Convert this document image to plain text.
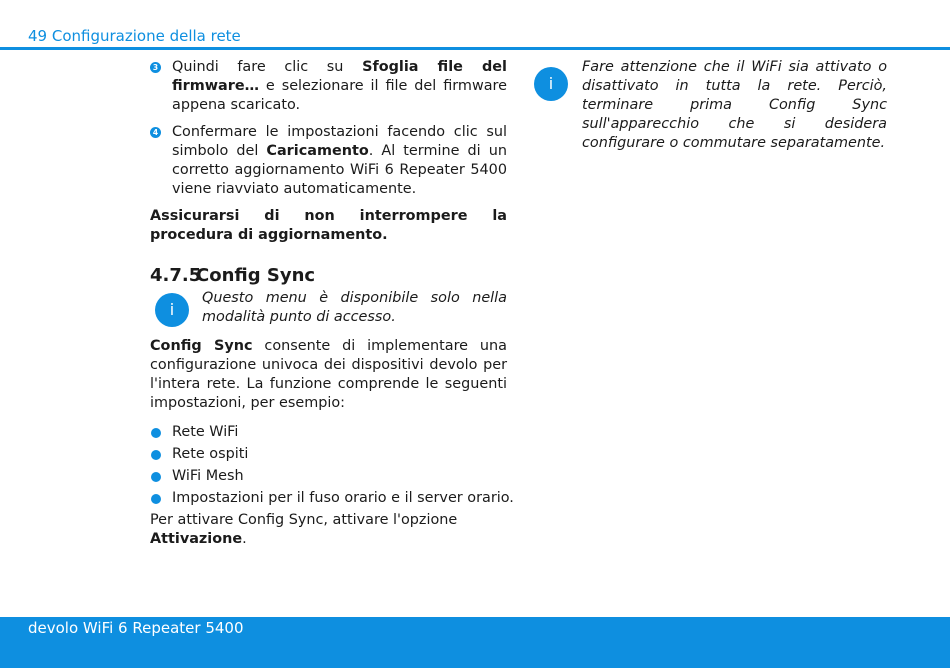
49 Configurazione della rete
3 Quindi fare clic su Sfoglia file del firmware… e selezionare il file del firmware appena scaricato.
4 Confermare le impostazioni facendo clic sul simbolo del Caricamento. Al termine di un corretto aggiornamento WiFi 6 Repeater 5400 viene riavviato automaticamente.

Assicurarsi di non interrompere la procedura di aggiornamento.

4.7.5Config Sync
i
Questo menu è disponibile solo nella modalità punto di accesso.

Config Sync consente di implementare una configurazione univoca dei dispositivi devolo per l'intera rete. La funzione comprende le seguenti impostazioni, per esempio:

Rete WiFi
Rete ospiti
WiFi Mesh
Impostazioni per il fuso orario e il server orario.

Per attivare Config Sync, attivare l'opzione Attivazione.

i
Fare attenzione che il WiFi sia attivato o disattivato in tutta la rete. Perciò, terminare prima Config Sync sull'apparecchio che si desidera configurare o commutare separatamente.
devolo WiFi 6 Repeater 5400
